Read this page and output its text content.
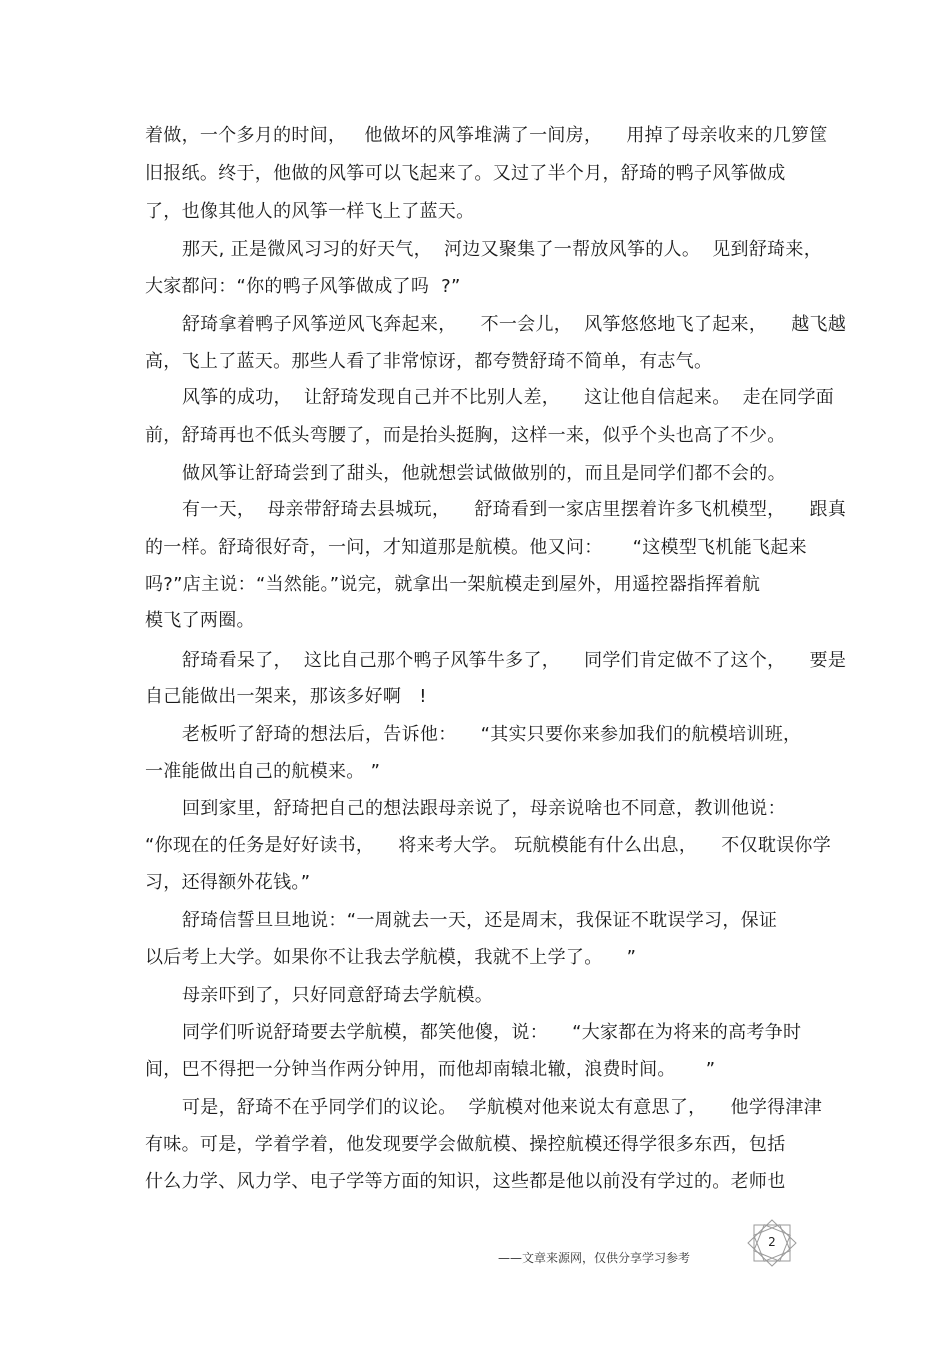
着做，一个多月的时间，   他做坏的风筝堆满了一间房，    用掉了母亲收来的几箩筐
旧报纸。终于，他做的风筝可以飞起来了。又过了半个月，舒琦的鸭子风筝做成
了，也像其他人的风筝一样飞上了蓝天。
那天, 正是微风习习的好天气，  河边又聚集了一帮放风筝的人。  见到舒琦来，
大家都问：“你的鸭子风筝做成了吗  ?”
舒琦拿着鸭子风筝逆风飞奔起来，    不一会儿，  风筝悠悠地飞了起来，    越飞越
高，飞上了蓝天。那些人看了非常惊讶，都夸赞舒琦不简单，有志气。
风筝的成功，  让舒琦发现自己并不比别人差，    这让他自信起来。  走在同学面
前，舒琦再也不低头弯腰了，而是抬头挺胸，这样一来，似乎个头也高了不少。
做风筝让舒琦尝到了甜头，他就想尝试做做别的，而且是同学们都不会的。
有一天，  母亲带舒琦去县城玩，    舒琦看到一家店里摆着许多飞机模型，    跟真
的一样。舒琦很好奇，一问，才知道那是航模。他又问：     “这模型飞机能飞起来
吗?”店主说：“当然能。”说完，就拿出一架航模走到屋外，用遥控器指挥着航
模飞了两圈。
舒琦看呆了，  这比自己那个鸭子风筝牛多了，    同学们肯定做不了这个，    要是
自己能做出一架来，那该多好啊   !
老板听了舒琦的想法后，告诉他：    “其实只要你来参加我们的航模培训班，
一准能做出自己的航模来。 ”
回到家里，舒琦把自己的想法跟母亲说了，母亲说啥也不同意，教训他说：
“你现在的任务是好好读书，    将来考大学。 玩航模能有什么出息，    不仅耽误你学
习，还得额外花钱。”
舒琦信誓旦旦地说：“一周就去一天，还是周末，我保证不耽误学习，保证
以后考上大学。如果你不让我去学航模，我就不上学了。    ”
母亲吓到了，只好同意舒琦去学航模。
同学们听说舒琦要去学航模，都笑他傻，说：    “大家都在为将来的高考争时
间，巴不得把一分钟当作两分钟用，而他却南辕北辙，浪费时间。     ”
可是，舒琦不在乎同学们的议论。  学航模对他来说太有意思了，    他学得津津
有味。可是，学着学着，他发现要学会做航模、操控航模还得学很多东西，包括
什么力学、风力学、电子学等方面的知识，这些都是他以前没有学过的。老师也
——文章来源网，仅供分享学习参考
2
